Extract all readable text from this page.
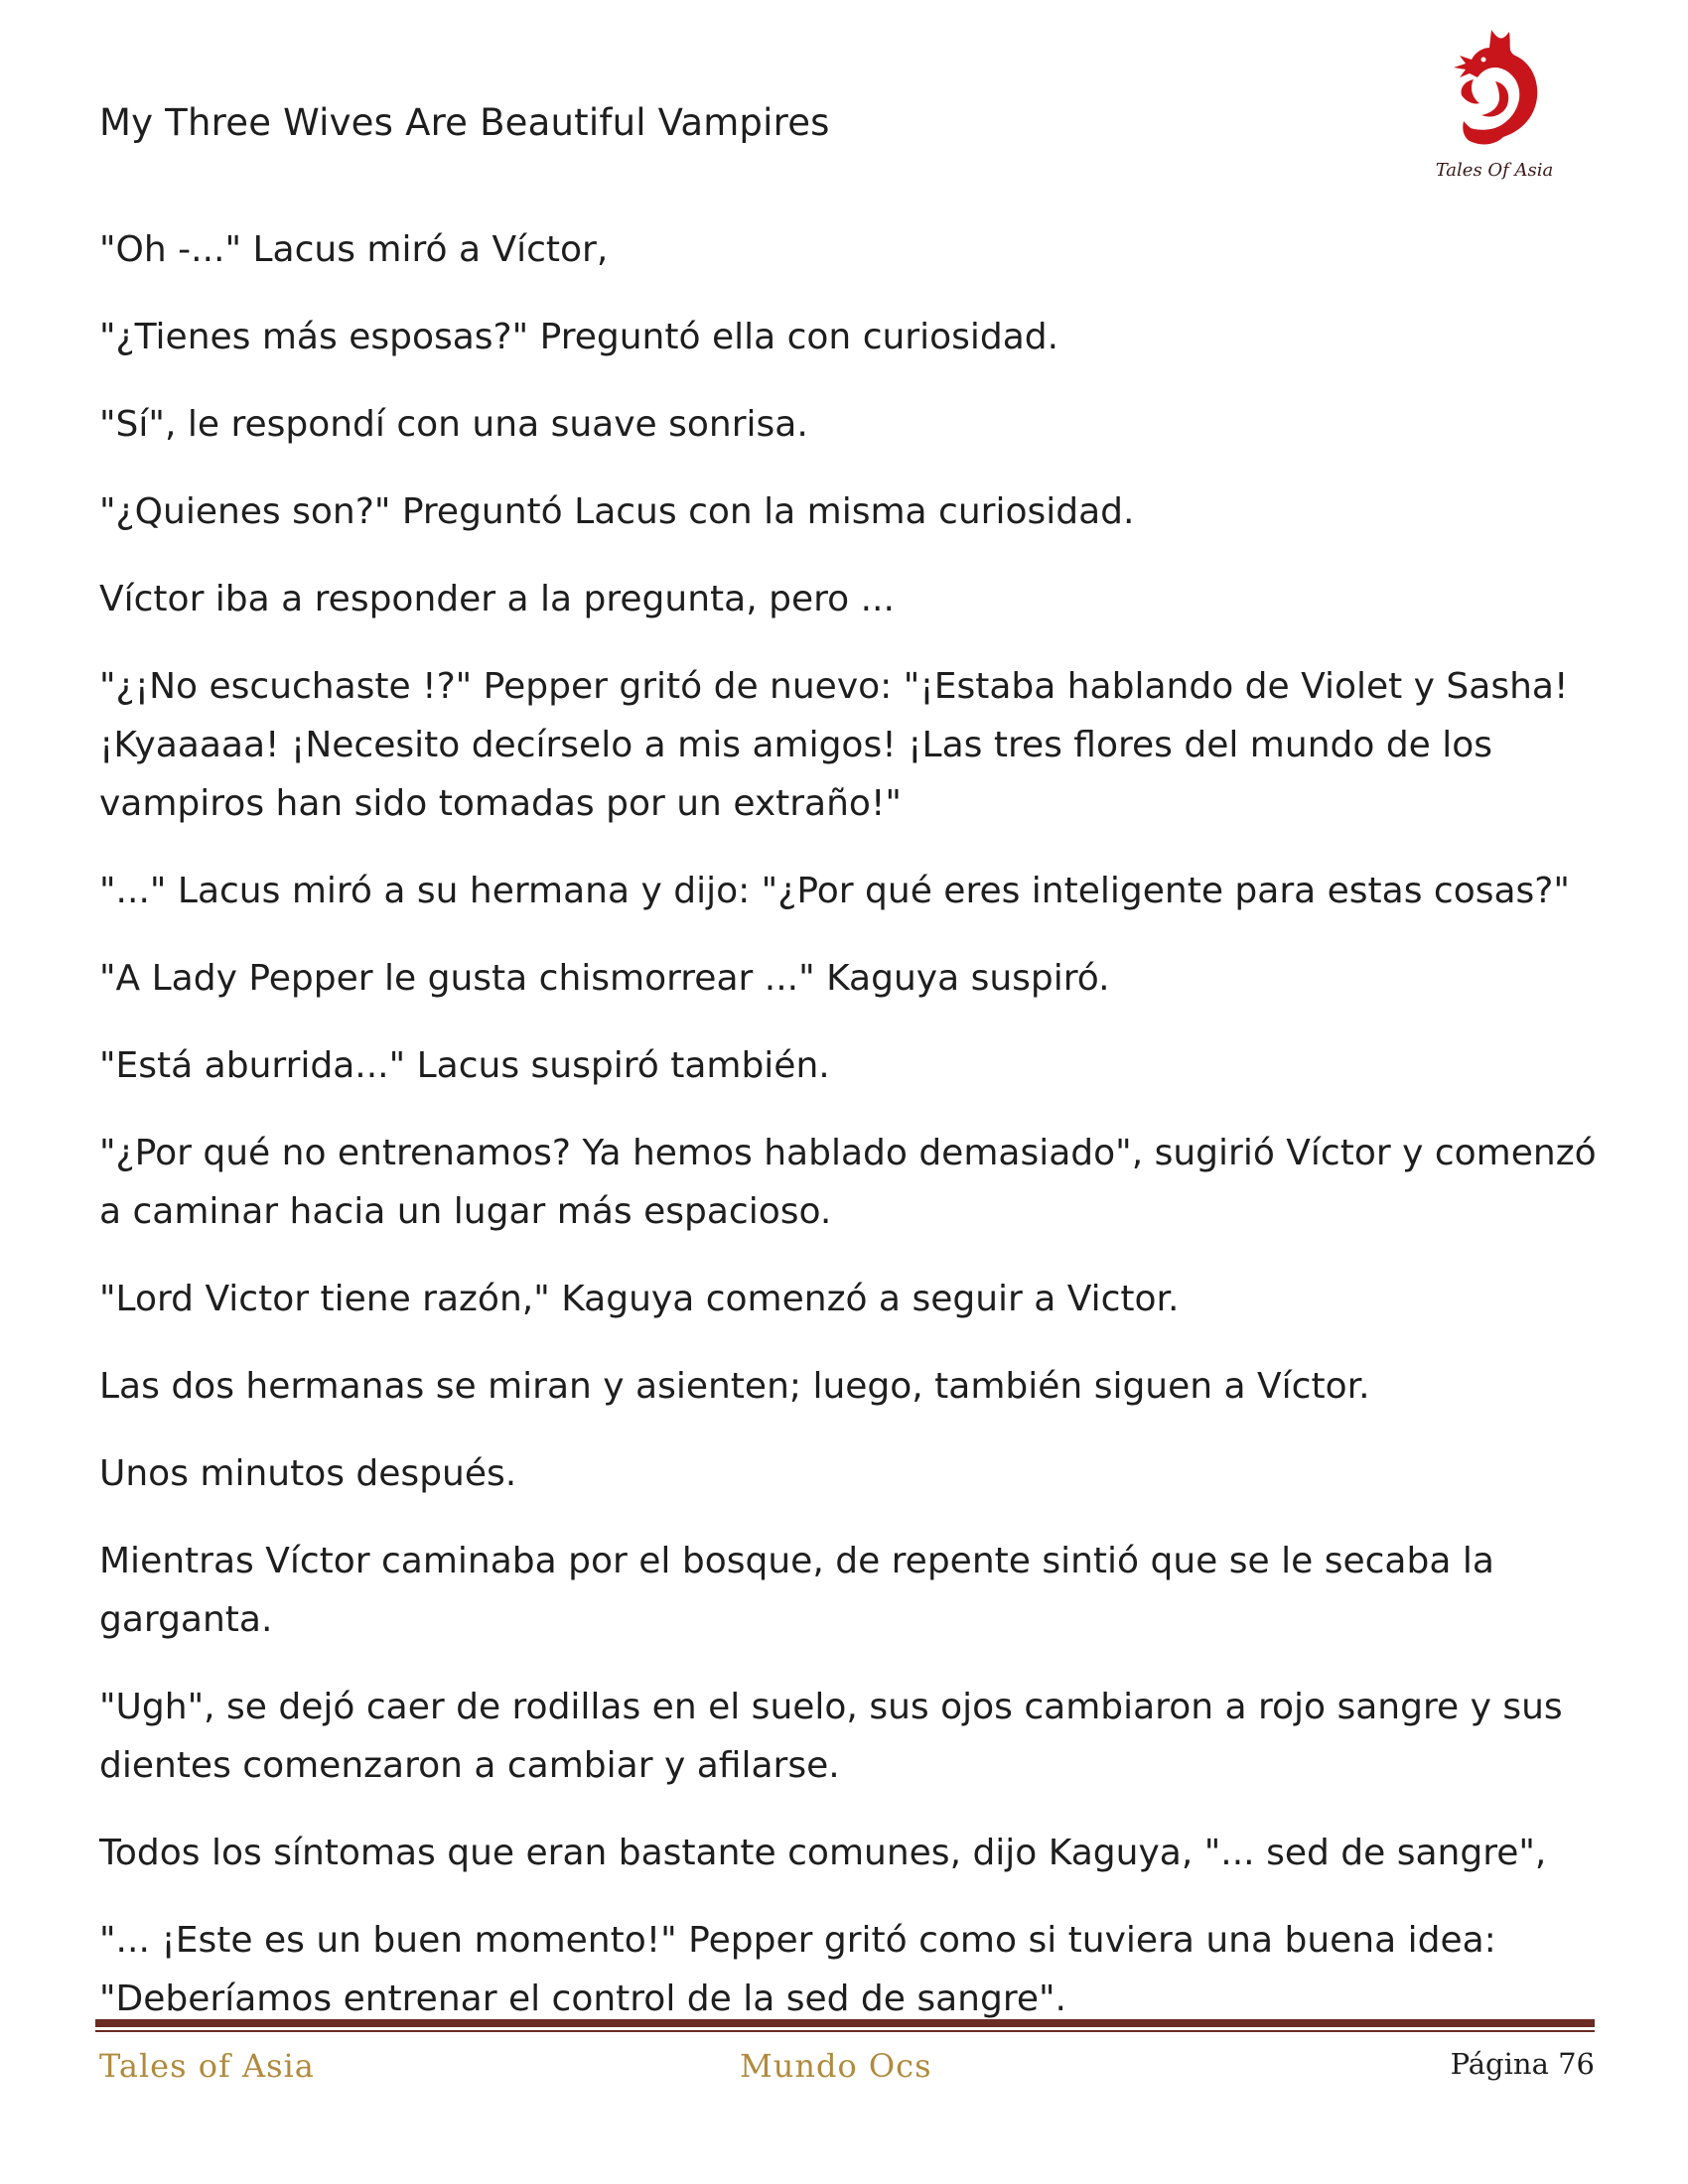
My Three Wives Are Beautiful Vampires
Tales Of Asia

"Oh -..." Lacus miró a Víctor,

"¿Tienes más esposas?" Preguntó ella con curiosidad.

"Sí", le respondí con una suave sonrisa.

"¿Quienes son?" Preguntó Lacus con la misma curiosidad.

Víctor iba a responder a la pregunta, pero ...

"¿¡No escuchaste !?" Pepper gritó de nuevo: "¡Estaba hablando de Violet y Sasha! ¡Kyaaaaa! ¡Necesito decírselo a mis amigos! ¡Las tres flores del mundo de los vampiros han sido tomadas por un extraño!"

"..." Lacus miró a su hermana y dijo: "¿Por qué eres inteligente para estas cosas?"

"A Lady Pepper le gusta chismorrear ..." Kaguya suspiró.

"Está aburrida..." Lacus suspiró también.

"¿Por qué no entrenamos? Ya hemos hablado demasiado", sugirió Víctor y comenzó a caminar hacia un lugar más espacioso.

"Lord Victor tiene razón," Kaguya comenzó a seguir a Victor.

Las dos hermanas se miran y asienten; luego, también siguen a Víctor.

Unos minutos después.

Mientras Víctor caminaba por el bosque, de repente sintió que se le secaba la garganta.

"Ugh", se dejó caer de rodillas en el suelo, sus ojos cambiaron a rojo sangre y sus dientes comenzaron a cambiar y afilarse.

Todos los síntomas que eran bastante comunes, dijo Kaguya, "... sed de sangre",

"... ¡Este es un buen momento!" Pepper gritó como si tuviera una buena idea: "Deberíamos entrenar el control de la sed de sangre".

Tales of Asia	Mundo Ocs	Página 76
